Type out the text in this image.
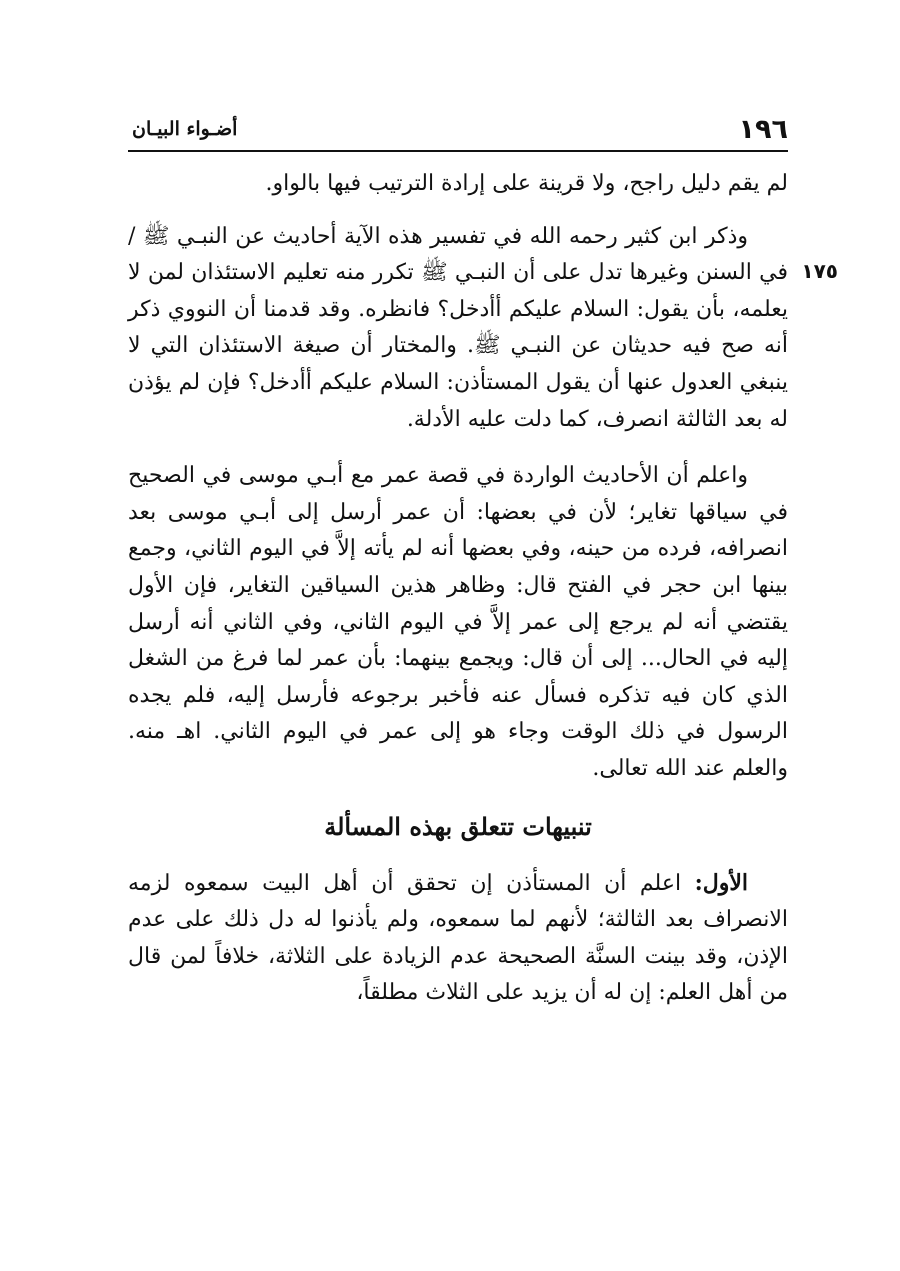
١٩٦
أضـواء البيـان

لم يقم دليل راجح، ولا قرينة على إرادة الترتيب فيها بالواو.

١٧٥

وذكر ابن كثير رحمه الله في تفسير هذه الآية أحاديث عن النبـي ﷺ / في السنن وغيرها تدل على أن النبـي ﷺ تكرر منه تعليم الاستئذان لمن لا يعلمه، بأن يقول: السلام عليكم أأدخل؟ فانظره. وقد قدمنا أن النووي ذكر أنه صح فيه حديثان عن النبـي ﷺ. والمختار أن صيغة الاستئذان التي لا ينبغي العدول عنها أن يقول المستأذن: السلام عليكم أأدخل؟ فإن لم يؤذن له بعد الثالثة انصرف، كما دلت عليه الأدلة.

واعلم أن الأحاديث الواردة في قصة عمر مع أبـي موسى في الصحيح في سياقها تغاير؛ لأن في بعضها: أن عمر أرسل إلى أبـي موسى بعد انصرافه، فرده من حينه، وفي بعضها أنه لم يأته إلاَّ في اليوم الثاني، وجمع بينها ابن حجر في الفتح قال: وظاهر هذين السياقين التغاير، فإن الأول يقتضي أنه لم يرجع إلى عمر إلاَّ في اليوم الثاني، وفي الثاني أنه أرسل إليه في الحال... إلى أن قال: ويجمع بينهما: بأن عمر لما فرغ من الشغل الذي كان فيه تذكره فسأل عنه فأخبر برجوعه فأرسل إليه، فلم يجده الرسول في ذلك الوقت وجاء هو إلى عمر في اليوم الثاني. اهـ منه. والعلم عند الله تعالى.

تنبيهات تتعلق بهذه المسألة

الأول: اعلم أن المستأذن إن تحقق أن أهل البيت سمعوه لزمه الانصراف بعد الثالثة؛ لأنهم لما سمعوه، ولم يأذنوا له دل ذلك على عدم الإذن، وقد بينت السنَّة الصحيحة عدم الزيادة على الثلاثة، خلافاً لمن قال من أهل العلم: إن له أن يزيد على الثلاث مطلقاً،
